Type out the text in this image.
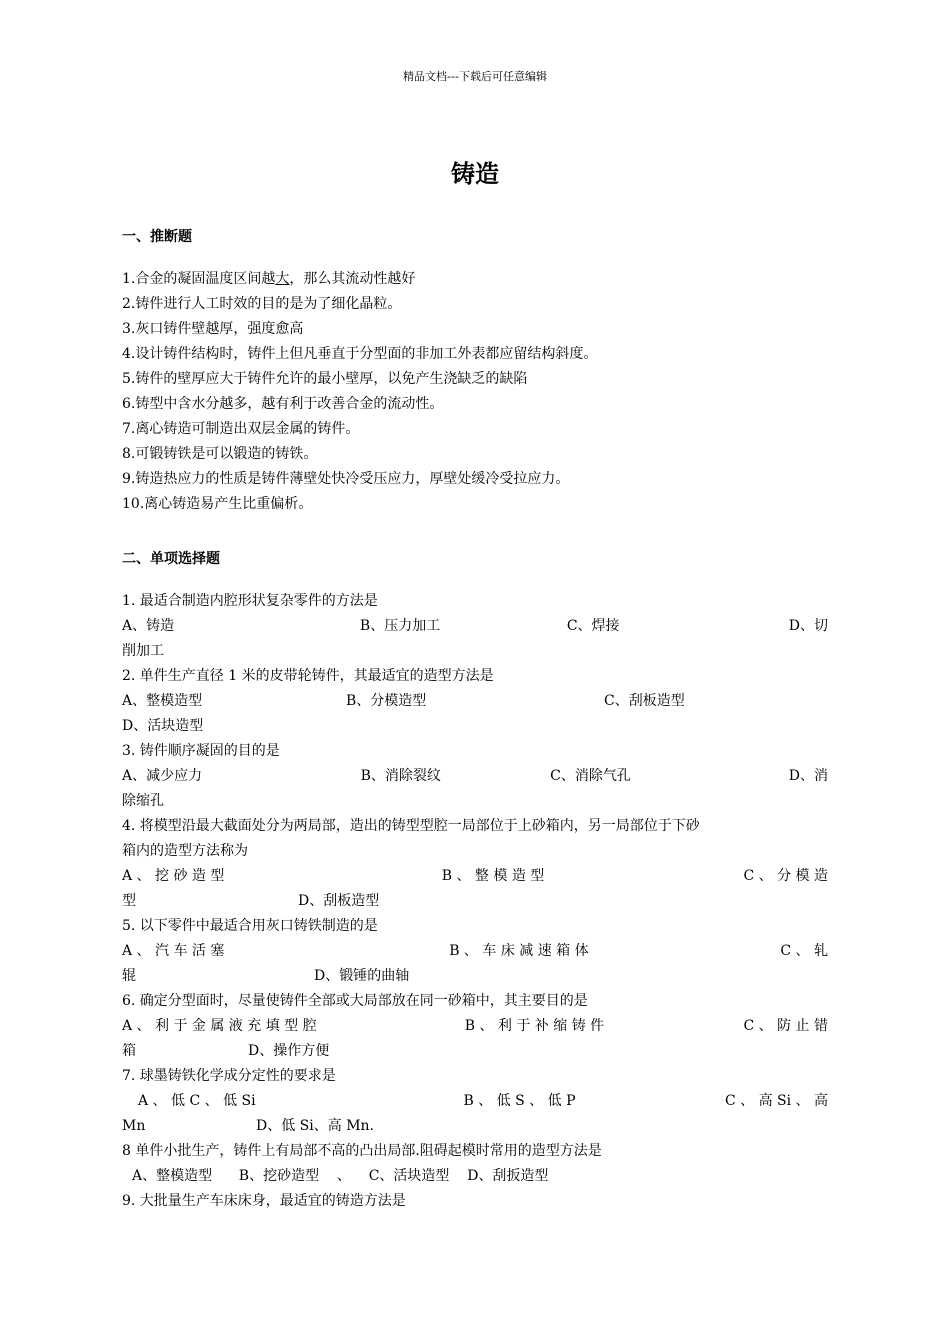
精品文档---下载后可任意编辑
铸造
一、推断题
1.合金的凝固温度区间越大，那么其流动性越好
2.铸件进行人工时效的目的是为了细化晶粒。
3.灰口铸件壁越厚，强度愈高
4.设计铸件结构时，铸件上但凡垂直于分型面的非加工外表都应留结构斜度。
5.铸件的壁厚应大于铸件允许的最小壁厚，以免产生浇缺乏的缺陷
6.铸型中含水分越多，越有利于改善合金的流动性。
7.离心铸造可制造出双层金属的铸件。
8.可锻铸铁是可以锻造的铸铁。
9.铸造热应力的性质是铸件薄壁处快冷受压应力，厚壁处缓冷受拉应力。
10.离心铸造易产生比重偏析。
二、单项选择题
1. 最适合制造内腔形状复杂零件的方法是
A、铸造	B、压力加工	C、焊接	D、切
削加工
2. 单件生产直径 1 米的皮带轮铸件，其最适宜的造型方法是
A、整模造型	B、分模造型	C、刮板造型
D、活块造型
3. 铸件顺序凝固的目的是
A、减少应力	B、消除裂纹	C、消除气孔	D、消
除缩孔
4. 将模型沿最大截面处分为两局部，造出的铸型型腔一局部位于上砂箱内，另一局部位于下砂
箱内的造型方法称为
A 、 挖 砂 造 型	B 、 整 模 造 型	C 、 分 模 造
型	D、刮板造型
5. 以下零件中最适合用灰口铸铁制造的是
A 、 汽 车 活 塞	B 、 车 床 减 速 箱 体	C 、 轧
辊	D、锻锤的曲轴
6. 确定分型面时，尽量使铸件全部或大局部放在同一砂箱中，其主要目的是
A 、 利 于 金 属 液 充 填 型 腔	B 、 利 于 补 缩 铸 件	C 、 防 止 错
箱	D、操作方便
7. 球墨铸铁化学成分定性的要求是
A 、 低 C 、 低 Si	B 、 低 S 、 低 P	C 、 高 Si 、 高
Mn	D、低 Si、高 Mn.
8 单件小批生产，铸件上有局部不高的凸出局部.阻碍起模时常用的造型方法是
A、整模造型      B、挖砂造型    、    C、活块造型    D、刮扳造型
9. 大批量生产车床床身，最适宜的铸造方法是
